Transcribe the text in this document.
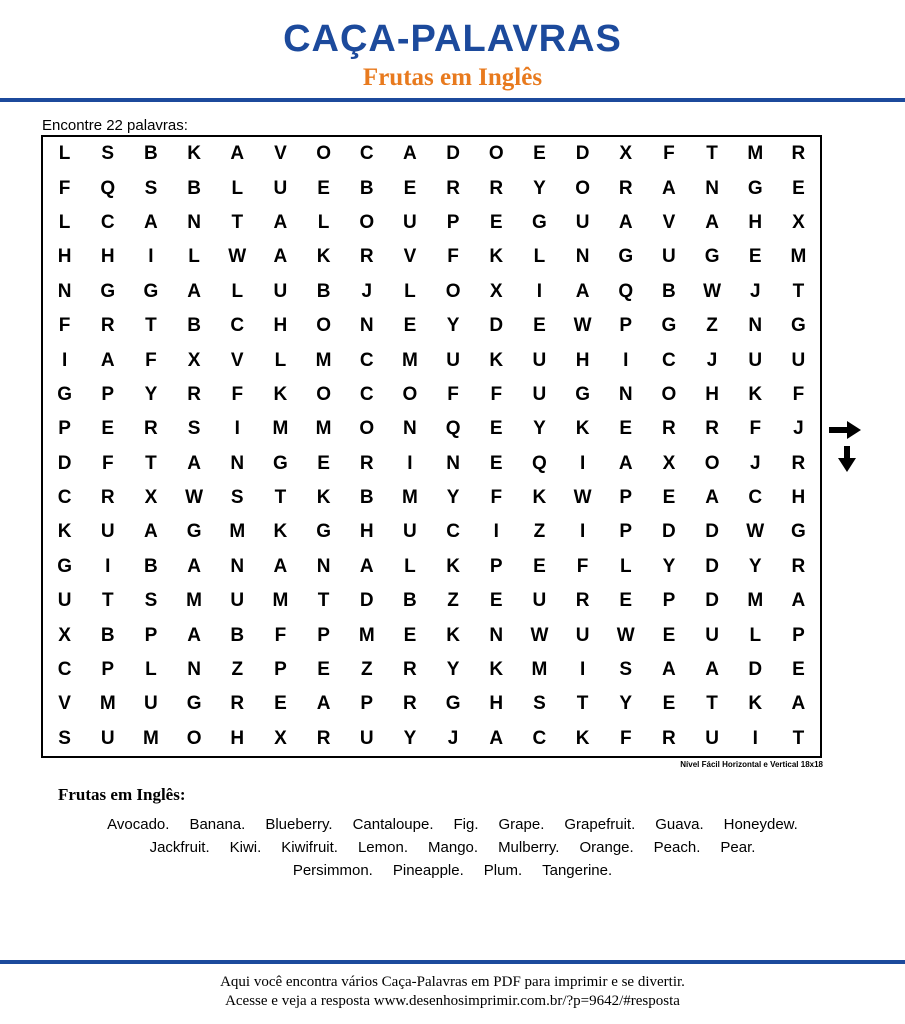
CAÇA-PALAVRAS
Frutas em Inglês
Encontre 22 palavras:
L	S	B	K	A	V	O	C	A	D	O	E	D	X	F	T	M	R
F	Q	S	B	L	U	E	B	E	R	R	Y	O	R	A	N	G	E
L	C	A	N	T	A	L	O	U	P	E	G	U	A	V	A	H	X
H	H	I	L	W	A	K	R	V	F	K	L	N	G	U	G	E	M
N	G	G	A	L	U	B	J	L	O	X	I	A	Q	B	W	J	T
F	R	T	B	C	H	O	N	E	Y	D	E	W	P	G	Z	N	G
I	A	F	X	V	L	M	C	M	U	K	U	H	I	C	J	U	U
G	P	Y	R	F	K	O	C	O	F	F	U	G	N	O	H	K	F
P	E	R	S	I	M	M	O	N	Q	E	Y	K	E	R	R	F	J
D	F	T	A	N	G	E	R	I	N	E	Q	I	A	X	O	J	R
C	R	X	W	S	T	K	B	M	Y	F	K	W	P	E	A	C	H
K	U	A	G	M	K	G	H	U	C	I	Z	I	P	D	D	W	G
G	I	B	A	N	A	N	A	L	K	P	E	F	L	Y	D	Y	R
U	T	S	M	U	M	T	D	B	Z	E	U	R	E	P	D	M	A
X	B	P	A	B	F	P	M	E	K	N	W	U	W	E	U	L	P
C	P	L	N	Z	P	E	Z	R	Y	K	M	I	S	A	A	D	E
V	M	U	G	R	E	A	P	R	G	H	S	T	Y	E	T	K	A
S	U	M	O	H	X	R	U	Y	J	A	C	K	F	R	U	I	T
Nível Fácil Horizontal e Vertical 18x18
Frutas em Inglês:
Avocado. Banana. Blueberry. Cantaloupe. Fig. Grape. Grapefruit. Guava. Honeydew.
Jackfruit. Kiwi. Kiwifruit. Lemon. Mango. Mulberry. Orange. Peach. Pear.
Persimmon. Pineapple. Plum. Tangerine.
Aqui você encontra vários Caça-Palavras em PDF para imprimir e se divertir.
Acesse e veja a resposta www.desenhosimprimir.com.br/?p=9642/#resposta
